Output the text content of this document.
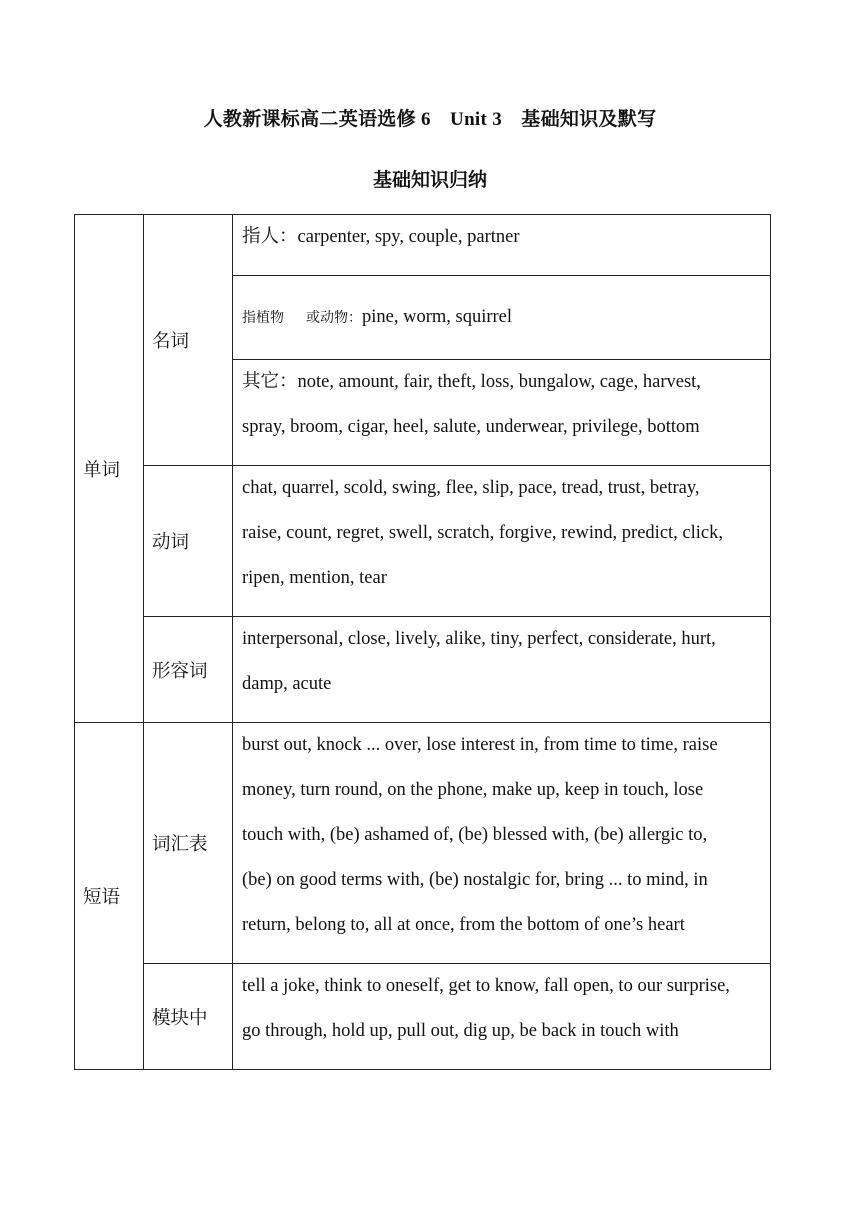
人教新课标高二英语选修 6　Unit 3　基础知识及默写
基础知识归纳
单词	名词	指人：carpenter, spy, couple, partner

		指植物 或动物：pine, worm, squirrel

		其它：note, amount, fair, theft, loss, bungalow, cage, harvest,
spray, broom, cigar, heel, salute, underwear, privilege, bottom

	动词	chat, quarrel, scold, swing, flee, slip, pace, tread, trust, betray,
raise, count, regret, swell, scratch, forgive, rewind, predict, click,
ripen, mention, tear

	形容词	interpersonal, close, lively, alike, tiny, perfect, considerate, hurt,
damp, acute

短语	词汇表	burst out, knock ... over, lose interest in, from time to time, raise
money, turn round, on the phone, make up, keep in touch, lose
touch with, (be) ashamed of, (be) blessed with, (be) allergic to,
(be) on good terms with, (be) nostalgic for, bring ... to mind, in
return, belong to, all at once, from the bottom of one’s heart

	模块中	tell a joke, think to oneself, get to know, fall open, to our surprise,
go through, hold up, pull out, dig up, be back in touch with
